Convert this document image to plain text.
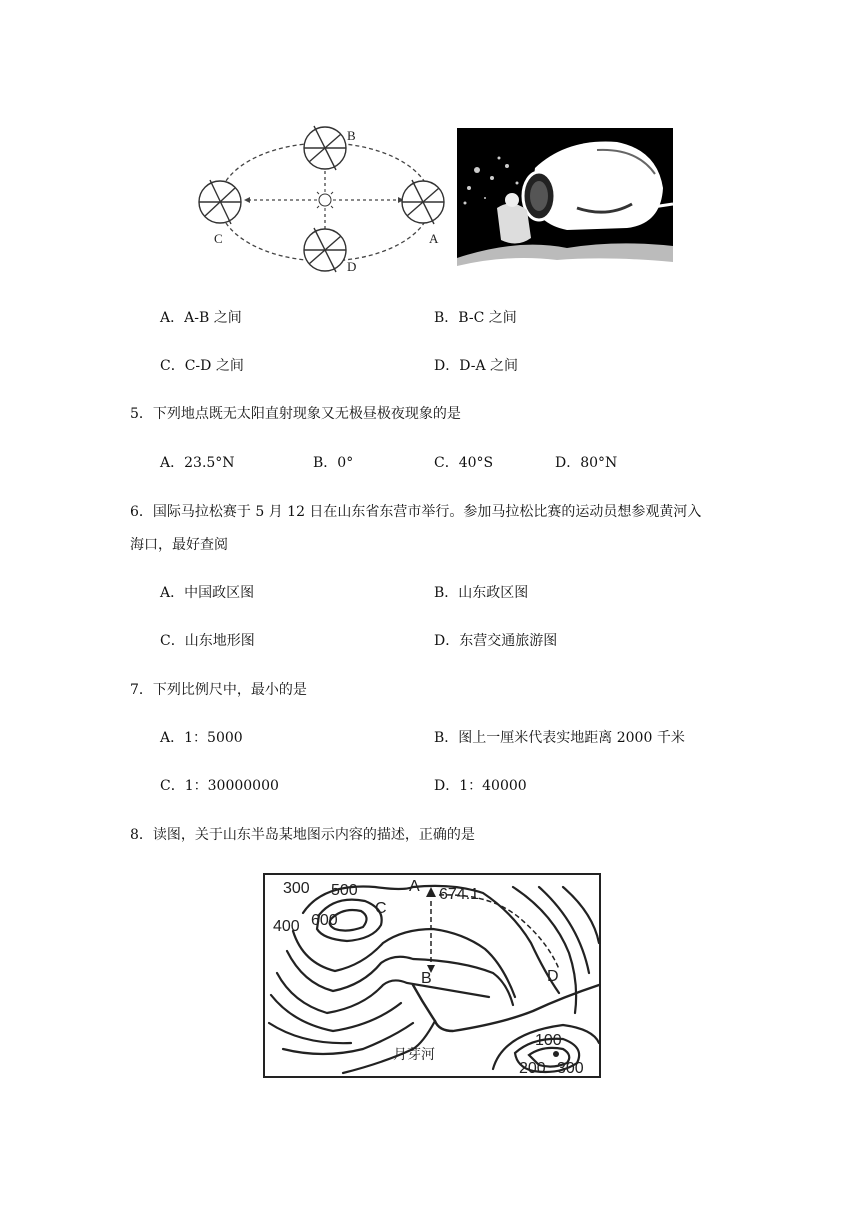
B
C	A
D
A．A-B 之间	B．B-C 之间
C．C-D 之间	D．D-A 之间
5．下列地点既无太阳直射现象又无极昼极夜现象的是
A．23.5°N	B．0°	C．40°S	D．80°N
6．国际马拉松赛于 5 月 12 日在山东省东营市举行。参加马拉松比赛的运动员想参观黄河入
海口，最好查阅
A．中国政区图	B．山东政区图
C．山东地形图	D．东营交通旅游图
7．下列比例尺中，最小的是
A．1：5000	B．图上一厘米代表实地距离 2000 千米
C．1：30000000	D．1：40000
8．读图，关于山东半岛某地图示内容的描述，正确的是
300 500
400 600
100
200 300
A
B
C
D
674.1
月芽河
